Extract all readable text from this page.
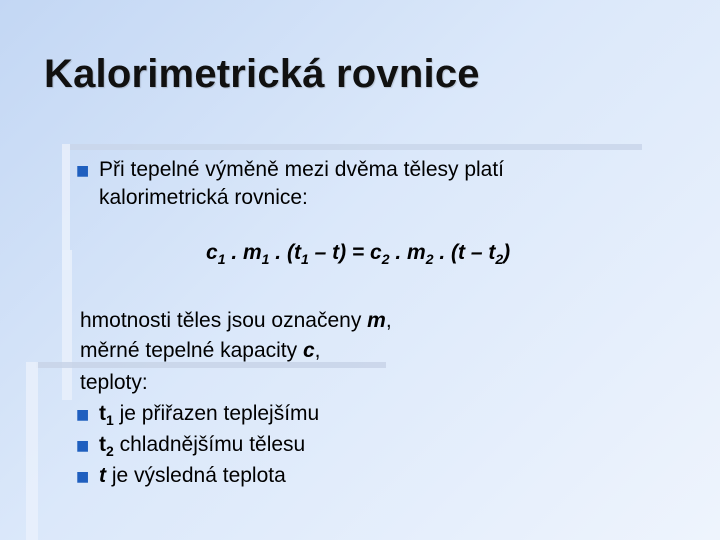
Kalorimetrická rovnice
■ Při tepelné výměně mezi dvěma tělesy platí
kalorimetrická rovnice:
$c_1$ . $m_1$ . $(t_1 - t) = c_2$ . $m_2$ . $(t - t_2)$
hmotnosti těles jsou označeny m,
měrné tepelné kapacity c,
teploty:
■ $t_1$ je přiřazen teplejšímu
■ $t_2$ chladnějšímu tělesu
■ t je výsledná teplota
